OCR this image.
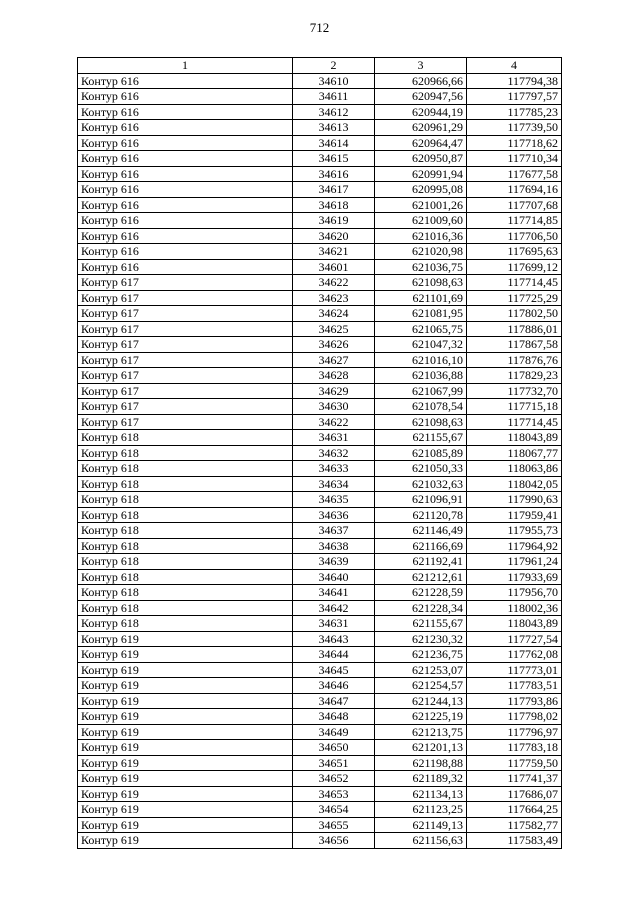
712
1	2	3	4
Контур 616	34610	620966,66	117794,38
Контур 616	34611	620947,56	117797,57
Контур 616	34612	620944,19	117785,23
Контур 616	34613	620961,29	117739,50
Контур 616	34614	620964,47	117718,62
Контур 616	34615	620950,87	117710,34
Контур 616	34616	620991,94	117677,58
Контур 616	34617	620995,08	117694,16
Контур 616	34618	621001,26	117707,68
Контур 616	34619	621009,60	117714,85
Контур 616	34620	621016,36	117706,50
Контур 616	34621	621020,98	117695,63
Контур 616	34601	621036,75	117699,12
Контур 617	34622	621098,63	117714,45
Контур 617	34623	621101,69	117725,29
Контур 617	34624	621081,95	117802,50
Контур 617	34625	621065,75	117886,01
Контур 617	34626	621047,32	117867,58
Контур 617	34627	621016,10	117876,76
Контур 617	34628	621036,88	117829,23
Контур 617	34629	621067,99	117732,70
Контур 617	34630	621078,54	117715,18
Контур 617	34622	621098,63	117714,45
Контур 618	34631	621155,67	118043,89
Контур 618	34632	621085,89	118067,77
Контур 618	34633	621050,33	118063,86
Контур 618	34634	621032,63	118042,05
Контур 618	34635	621096,91	117990,63
Контур 618	34636	621120,78	117959,41
Контур 618	34637	621146,49	117955,73
Контур 618	34638	621166,69	117964,92
Контур 618	34639	621192,41	117961,24
Контур 618	34640	621212,61	117933,69
Контур 618	34641	621228,59	117956,70
Контур 618	34642	621228,34	118002,36
Контур 618	34631	621155,67	118043,89
Контур 619	34643	621230,32	117727,54
Контур 619	34644	621236,75	117762,08
Контур 619	34645	621253,07	117773,01
Контур 619	34646	621254,57	117783,51
Контур 619	34647	621244,13	117793,86
Контур 619	34648	621225,19	117798,02
Контур 619	34649	621213,75	117796,97
Контур 619	34650	621201,13	117783,18
Контур 619	34651	621198,88	117759,50
Контур 619	34652	621189,32	117741,37
Контур 619	34653	621134,13	117686,07
Контур 619	34654	621123,25	117664,25
Контур 619	34655	621149,13	117582,77
Контур 619	34656	621156,63	117583,49
